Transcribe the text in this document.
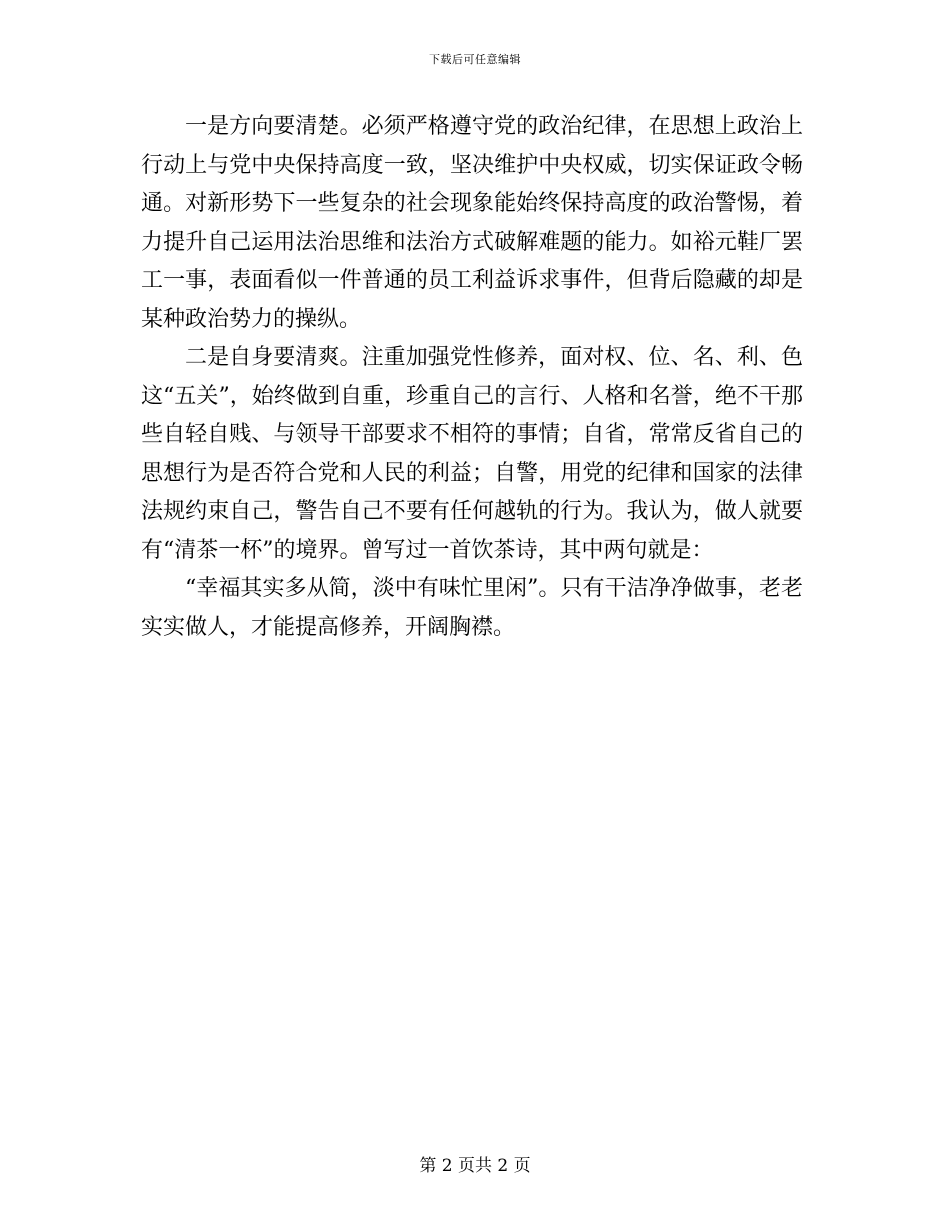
下载后可任意编辑

一是方向要清楚。必须严格遵守党的政治纪律，在思想上政治上行动上与党中央保持高度一致，坚决维护中央权威，切实保证政令畅通。对新形势下一些复杂的社会现象能始终保持高度的政治警惕，着力提升自己运用法治思维和法治方式破解难题的能力。如裕元鞋厂罢工一事，表面看似一件普通的员工利益诉求事件，但背后隐藏的却是某种政治势力的操纵。

二是自身要清爽。注重加强党性修养，面对权、位、名、利、色这“五关”，始终做到自重，珍重自己的言行、人格和名誉，绝不干那些自轻自贱、与领导干部要求不相符的事情；自省，常常反省自己的思想行为是否符合党和人民的利益；自警，用党的纪律和国家的法律法规约束自己，警告自己不要有任何越轨的行为。我认为，做人就要有“清茶一杯”的境界。曾写过一首饮茶诗，其中两句就是：

“幸福其实多从简，淡中有味忙里闲”。只有干洁净净做事，老老实实做人，才能提高修养，开阔胸襟。

第 2 页共 2 页
